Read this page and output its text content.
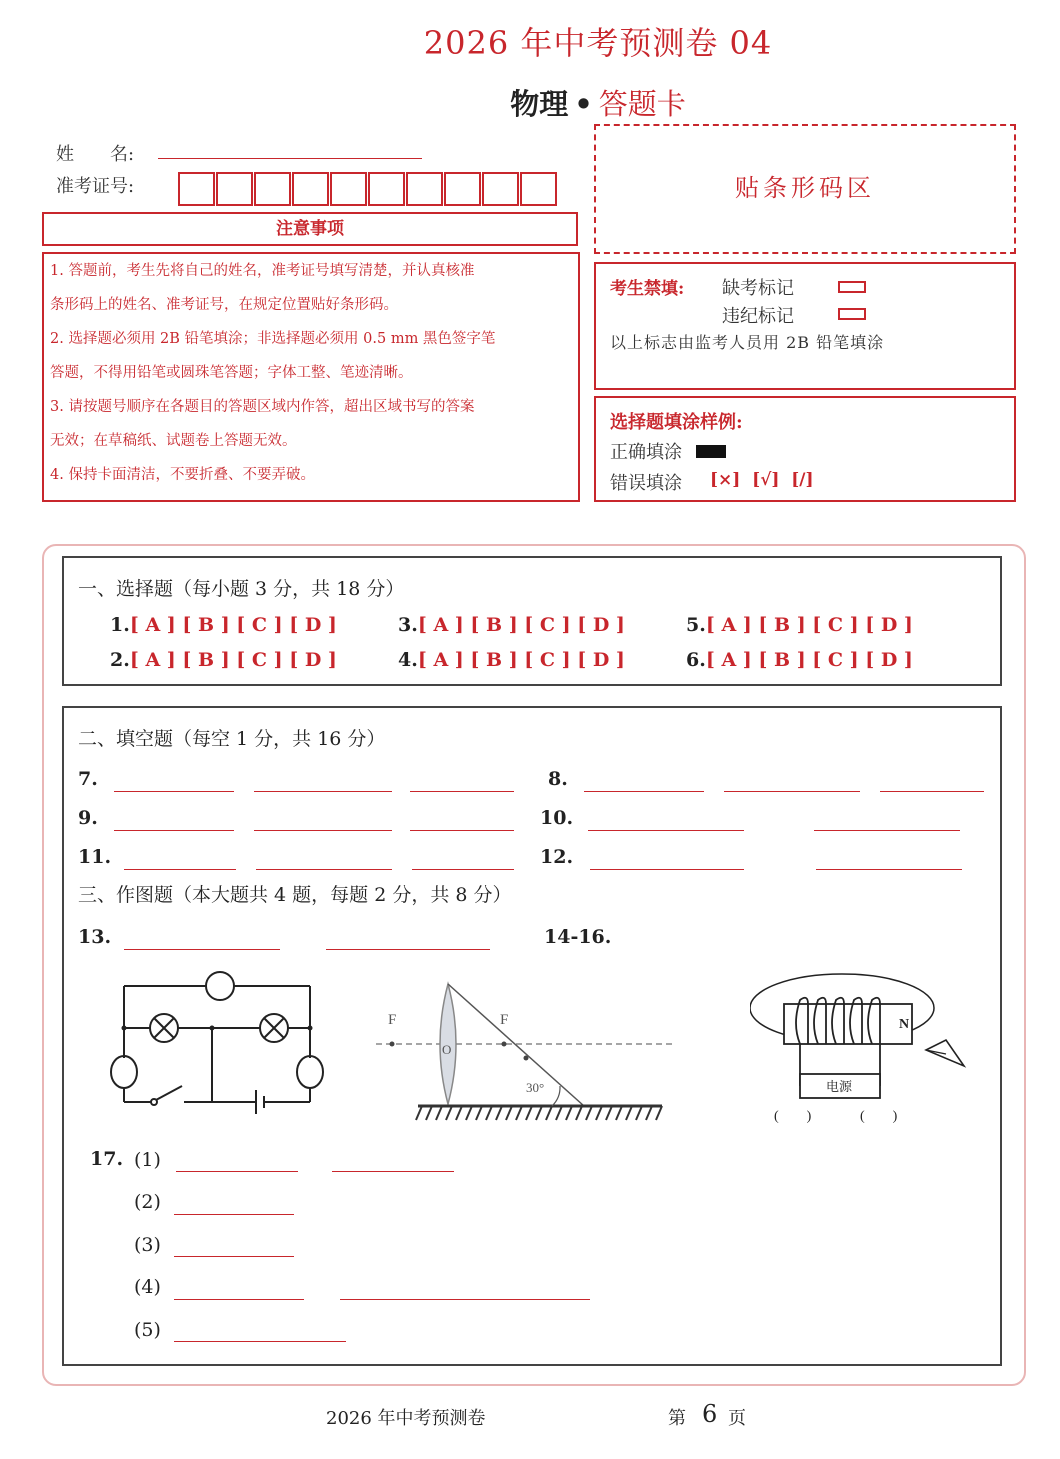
2026 年中考预测卷 04
物理 • 答题卡
姓　　名:
准考证号:
注意事项
1. 答题前，考生先将自己的姓名，准考证号填写清楚，并认真核准
条形码上的姓名、准考证号，在规定位置贴好条形码。
2. 选择题必须用 2B 铅笔填涂；非选择题必须用 0.5 mm 黑色签字笔
答题，不得用铅笔或圆珠笔答题；字体工整、笔迹清晰。
3. 请按题号顺序在各题目的答题区域内作答，超出区域书写的答案
无效；在草稿纸、试题卷上答题无效。
4. 保持卡面清洁，不要折叠、不要弄破。
贴条形码区
考生禁填: 缺考标记
违纪标记
以上标志由监考人员用 2B 铅笔填涂
选择题填涂样例:
正确填涂
错误填涂 [×]  [√]  [/]
一、选择题（每小题 3 分，共 18 分）
1.[ A ] [ B ] [ C ] [ D ]
2.[ A ] [ B ] [ C ] [ D ]
3.[ A ] [ B ] [ C ] [ D ]
4.[ A ] [ B ] [ C ] [ D ]
5.[ A ] [ B ] [ C ] [ D ]
6.[ A ] [ B ] [ C ] [ D ]
二、填空题（每空 1 分，共 16 分）
7.	8.
9.	10.
11.	12.
三、作图题（本大题共 4 题，每题 2 分，共 8 分）
13.	14-16.
F	F
O
30°	电源
N
(　　)	(　　)
17. (1)
(2)
(3)
(4)
(5)
2026 年中考预测卷	第 6 页
